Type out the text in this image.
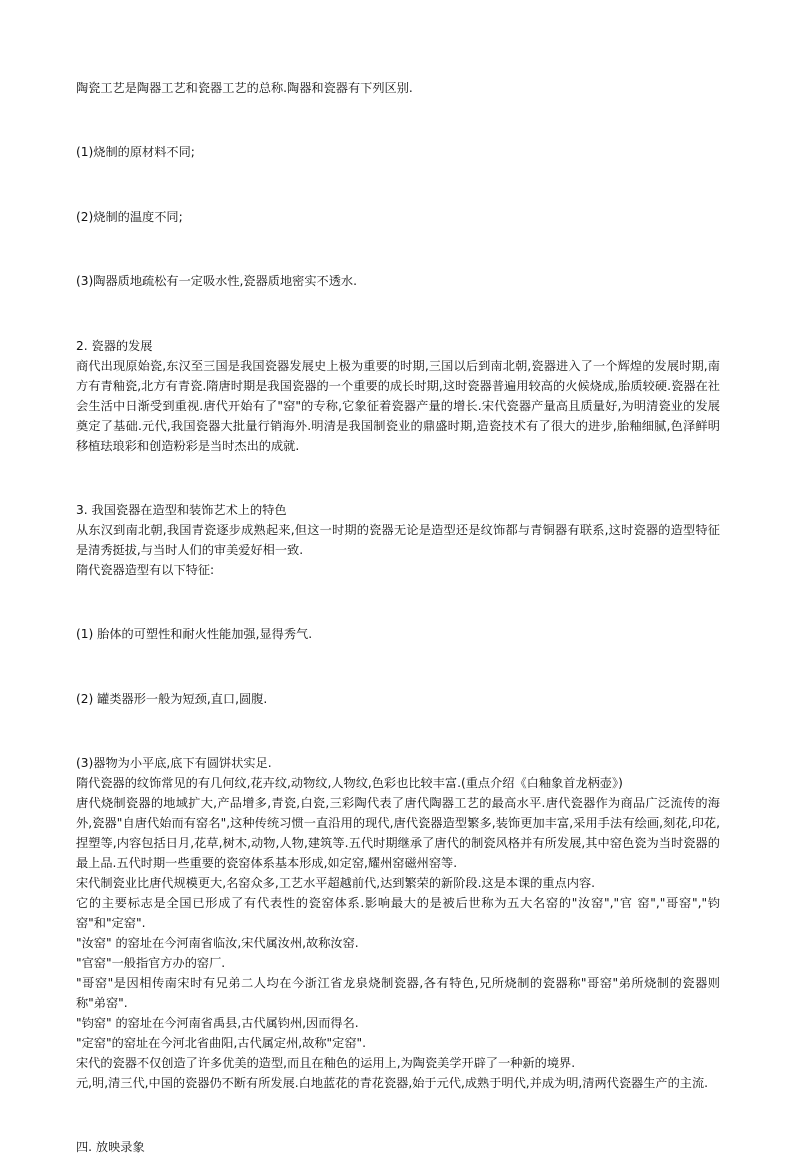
陶瓷工艺是陶器工艺和瓷器工艺的总称.陶器和瓷器有下列区别.

(1)烧制的原材料不同;

(2)烧制的温度不同;

(3)陶器质地疏松有一定吸水性,瓷器质地密实不透水.

2. 瓷器的发展

商代出现原始瓷,东汉至三国是我国瓷器发展史上极为重要的时期,三国以后到南北朝,瓷器进入了一个辉煌的发展时期,南方有青釉瓷,北方有青瓷.隋唐时期是我国瓷器的一个重要的成长时期,这时瓷器普遍用较高的火候烧成,胎质较硬.瓷器在社会生活中日渐受到重视.唐代开始有了"窑"的专称,它象征着瓷器产量的增长.宋代瓷器产量高且质量好,为明清瓷业的发展奠定了基础.元代,我国瓷器大批量行销海外.明清是我国制瓷业的鼎盛时期,造瓷技术有了很大的进步,胎釉细腻,色泽鲜明移植珐琅彩和创造粉彩是当时杰出的成就.

3. 我国瓷器在造型和装饰艺术上的特色

从东汉到南北朝,我国青瓷逐步成熟起来,但这一时期的瓷器无论是造型还是纹饰都与青铜器有联系,这时瓷器的造型特征是清秀挺拔,与当时人们的审美爱好相一致.

隋代瓷器造型有以下特征:

(1) 胎体的可塑性和耐火性能加强,显得秀气.

(2) 罐类器形一般为短颈,直口,圆腹.

(3)器物为小平底,底下有圆饼状实足.

隋代瓷器的纹饰常见的有几何纹,花卉纹,动物纹,人物纹,色彩也比较丰富.(重点介绍《白釉象首龙柄壶》)

唐代烧制瓷器的地域扩大,产品增多,青瓷,白瓷,三彩陶代表了唐代陶器工艺的最高水平.唐代瓷器作为商品广泛流传的海外,瓷器"自唐代始而有窑名",这种传统习惯一直沿用的现代,唐代瓷器造型繁多,装饰更加丰富,采用手法有绘画,刻花,印花,捏塑等,内容包括日月,花草,树木,动物,人物,建筑等.五代时期继承了唐代的制瓷风格并有所发展,其中窑色瓷为当时瓷器的最上品.五代时期一些重要的瓷窑体系基本形成,如定窑,耀州窑磁州窑等.

宋代制瓷业比唐代规模更大,名窑众多,工艺水平超越前代,达到繁荣的新阶段.这是本课的重点内容.

它的主要标志是全国已形成了有代表性的瓷窑体系.影响最大的是被后世称为五大名窑的"汝窑","官 窑","哥窑","钧窑"和"定窑".

"汝窑" 的窑址在今河南省临汝,宋代属汝州,故称汝窑.

"官窑"一般指官方办的窑厂.

"哥窑"是因相传南宋时有兄弟二人均在今浙江省龙泉烧制瓷器,各有特色,兄所烧制的瓷器称"哥窑"弟所烧制的瓷器则称"弟窑".

"钧窑" 的窑址在今河南省禹县,古代属钧州,因而得名.

"定窑"的窑址在今河北省曲阳,古代属定州,故称"定窑".

宋代的瓷器不仅创造了许多优美的造型,而且在釉色的运用上,为陶瓷美学开辟了一种新的境界.

元,明,清三代,中国的瓷器仍不断有所发展.白地蓝花的青花瓷器,始于元代,成熟于明代,并成为明,清两代瓷器生产的主流.

四. 放映录象
